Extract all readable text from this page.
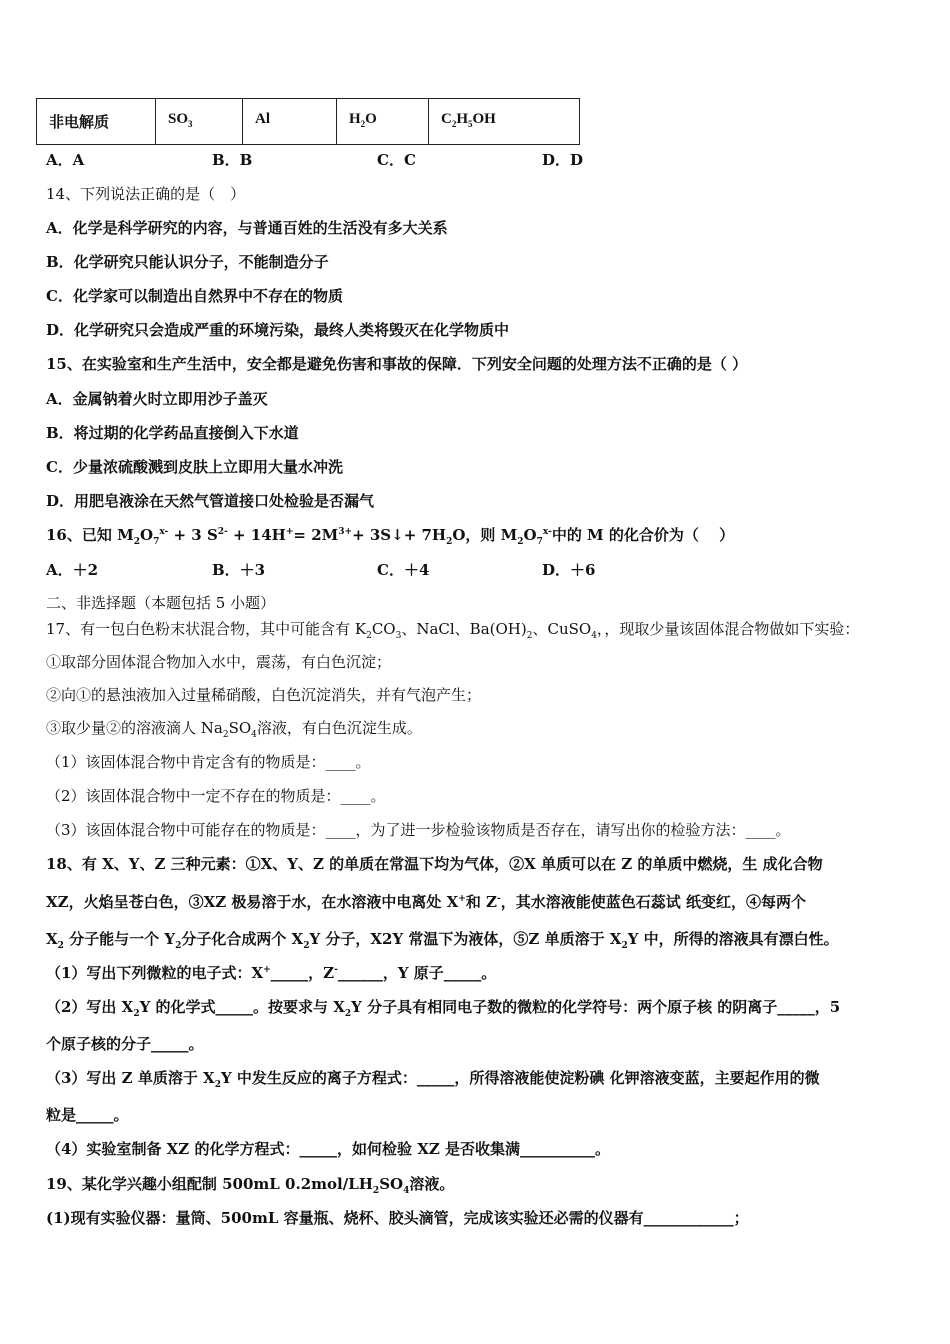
非电解质	$SO_3$	Al	$H_2O$	$C_2H_5OH$
A．A	B．B	C．C	D．D
14、下列说法正确的是（　）
A．化学是科学研究的内容，与普通百姓的生活没有多大关系
B．化学研究只能认识分子，不能制造分子
C．化学家可以制造出自然界中不存在的物质
D．化学研究只会造成严重的环境污染，最终人类将毁灭在化学物质中
15、在实验室和生产生活中，安全都是避免伤害和事故的保障．下列安全问题的处理方法不正确的是（ ）
A．金属钠着火时立即用沙子盖灭
B．将过期的化学药品直接倒入下水道
C．少量浓硫酸溅到皮肤上立即用大量水冲洗
D．用肥皂液涂在天然气管道接口处检验是否漏气
16、已知 $M_2O_7^{x-} + 3$ $S^{2-} + 14H^+= 2M^{3+}+$ 3S↓+ $7H_2O$，则 $M_2O_7^{x-}$中的 M 的化合价为（　 ）
A．＋2	B．＋3	C．＋4	D．＋6
二、非选择题（本题包括 5 小题）
17、有一包白色粉末状混合物，其中可能含有 $K_2CO_3$、NaCl、$Ba(OH)_2$、CuSO$_4$，，现取少量该固体混合物做如下实验：
①取部分固体混合物加入水中，震荡，有白色沉淀；
②向①的悬浊液加入过量稀硝酸，白色沉淀消失，并有气泡产生；
③取少量②的溶液滴人 $Na_2SO_4$溶液，有白色沉淀生成。
（1）该固体混合物中肯定含有的物质是：____。
（2）该固体混合物中一定不存在的物质是：____。
（3）该固体混合物中可能存在的物质是：____，为了进一步检验该物质是否存在，请写出你的检验方法：____。
18、有 X、Y、Z 三种元素：①X、Y、Z 的单质在常温下均为气体，②X 单质可以在 Z 的单质中燃烧，生 成化合物
XZ，火焰呈苍白色，③XZ 极易溶于水，在水溶液中电离处 X+和 Z-，其水溶液能使蓝色石蕊试 纸变红，④每两个
$X_2$ 分子能与一个 $Y_2$分子化合成两个 $X_2Y$ 分子，X2Y 常温下为液体，⑤Z 单质溶于 $X_2Y$ 中，所得的溶液具有漂白性。
（1）写出下列微粒的电子式：X+_____，Z-______，Y 原子_____。
（2）写出 $X_2Y$ 的化学式_____。按要求与 $X_2Y$ 分子具有相同电子数的微粒的化学符号：两个原子核 的阴离子_____，5
个原子核的分子_____。
（3）写出 Z 单质溶于 $X_2Y$ 中发生反应的离子方程式：_____，所得溶液能使淀粉碘 化钾溶液变蓝，主要起作用的微
粒是_____。
（4）实验室制备 XZ 的化学方程式：_____，如何检验 XZ 是否收集满__________。
19、某化学兴趣小组配制 500mL $0.2mol/LH_2SO_4$溶液。
(1)现有实验仪器：量筒、500mL 容量瓶、烧杯、胶头滴管，完成该实验还必需的仪器有____________；
